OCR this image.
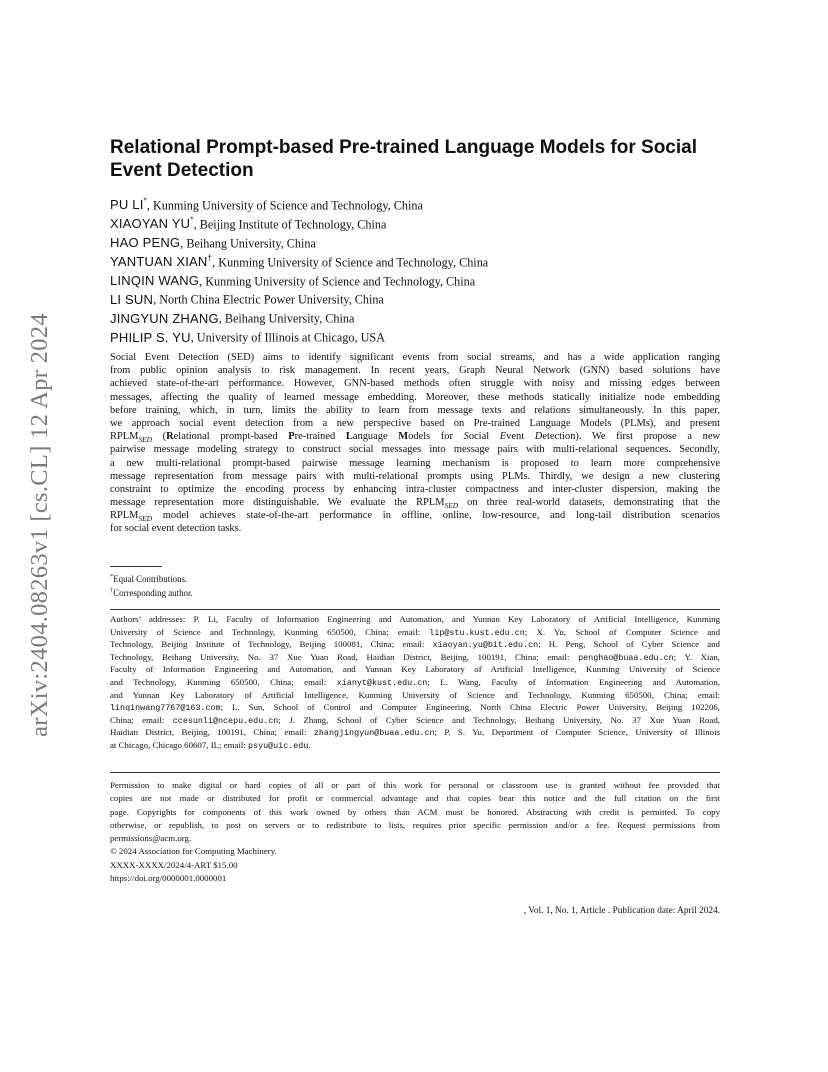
arXiv:2404.08263v1 [cs.CL] 12 Apr 2024
Relational Prompt-based Pre-trained Language Models for Social
Event Detection
PU LI*, Kunming University of Science and Technology, China
XIAOYAN YU*, Beijing Institute of Technology, China
HAO PENG, Beihang University, China
YANTUAN XIAN†, Kunming University of Science and Technology, China
LINQIN WANG, Kunming University of Science and Technology, China
LI SUN, North China Electric Power University, China
JINGYUN ZHANG, Beihang University, China
PHILIP S. YU, University of Illinois at Chicago, USA
Social Event Detection (SED) aims to identify significant events from social streams, and has a wide application ranging
from public opinion analysis to risk management. In recent years, Graph Neural Network (GNN) based solutions have
achieved state-of-the-art performance. However, GNN-based methods often struggle with noisy and missing edges between
messages, affecting the quality of learned message embedding. Moreover, these methods statically initialize node embedding
before training, which, in turn, limits the ability to learn from message texts and relations simultaneously. In this paper,
we approach social event detection from a new perspective based on Pre-trained Language Models (PLMs), and present
$RPLM_{SED}$ (Relational prompt-based Pre-trained Language Models for Social Event Detection). We first propose a new
pairwise message modeling strategy to construct social messages into message pairs with multi-relational sequences. Secondly,
a new multi-relational prompt-based pairwise message learning mechanism is proposed to learn more comprehensive
message representation from message pairs with multi-relational prompts using PLMs. Thirdly, we design a new clustering
constraint to optimize the encoding process by enhancing intra-cluster compactness and inter-cluster dispersion, making the
message representation more distinguishable. We evaluate the $RPLM_{SED}$ on three real-world datasets, demonstrating that the
$RPLM_{SED}$ model achieves state-of-the-art performance in offline, online, low-resource, and long-tail distribution scenarios
for social event detection tasks.
*Equal Contributions.
†Corresponding author.
Authors’ addresses: P. Li, Faculty of Information Engineering and Automation, and Yunnan Key Laboratory of Artificial Intelligence, Kunming
University of Science and Technology, Kunming 650500, China; email: lip@stu.kust.edu.cn; X. Yu, School of Computer Science and
Technology, Beijing Institute of Technology, Beijing 100081, China; email: xiaoyan.yu@bit.edu.cn; H. Peng, School of Cyber Science and
Technology, Beihang University, No. 37 Xue Yuan Road, Haidian District, Beijing, 100191, China; email: penghao@buaa.edu.cn; Y. Xian,
Faculty of Information Engineering and Automation, and Yunnan Key Laboratory of Artificial Intelligence, Kunming University of Science
and Technology, Kunming 650500, China; email: xianyt@kust.edu.cn; L. Wang, Faculty of Information Engineering and Automation,
and Yunnan Key Laboratory of Artificial Intelligence, Kunming University of Science and Technology, Kunming 650500, China; email:
linqinwang7767@163.com; L. Sun, School of Control and Computer Engineering, North China Electric Power University, Beijing 102206,
China; email: ccesunli@ncepu.edu.cn; J. Zhang, School of Cyber Science and Technology, Beihang University, No. 37 Xue Yuan Road,
Haidian District, Beijing, 100191, China; email: zhangjingyun@buaa.edu.cn; P. S. Yu, Department of Computer Science, University of Illinois
at Chicago, Chicago 60607, IL; email: psyu@uic.edu.
Permission to make digital or hard copies of all or part of this work for personal or classroom use is granted without fee provided that
copies are not made or distributed for profit or commercial advantage and that copies bear this notice and the full citation on the first
page. Copyrights for components of this work owned by others than ACM must be honored. Abstracting with credit is permitted. To copy
otherwise, or republish, to post on servers or to redistribute to lists, requires prior specific permission and/or a fee. Request permissions from
permissions@acm.org.
© 2024 Association for Computing Machinery.
XXXX-XXXX/2024/4-ART $15.00
https://doi.org/0000001.0000001
, Vol. 1, No. 1, Article . Publication date: April 2024.
